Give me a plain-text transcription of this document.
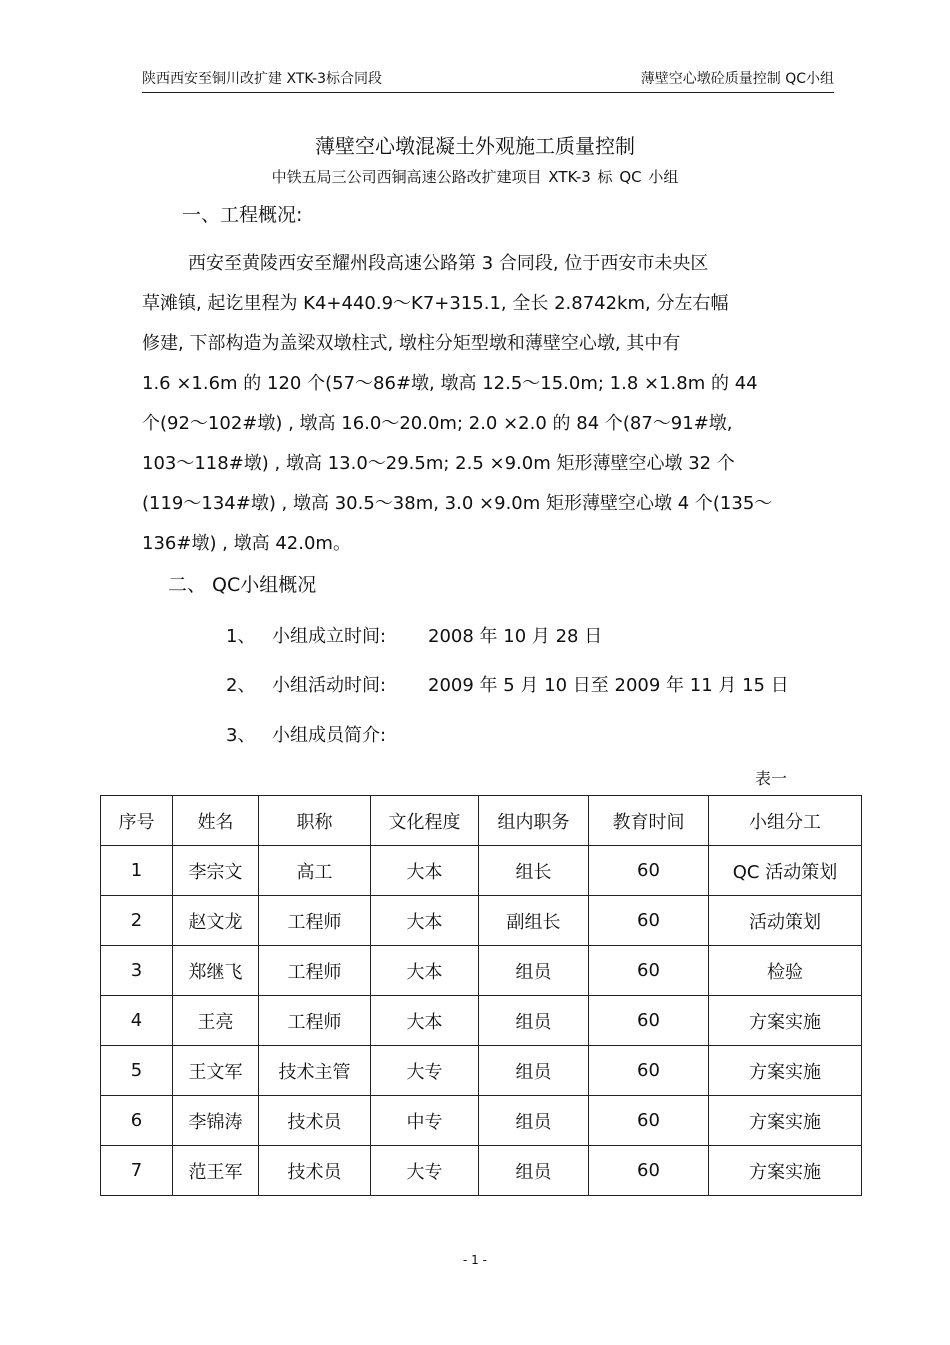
陕西西安至铜川改扩建 XTK-3标合同段	薄壁空心墩砼质量控制 QC小组
薄壁空心墩混凝土外观施工质量控制
中铁五局三公司西铜高速公路改扩建项目 XTK-3 标 QC 小组
一、工程概况:
西安至黄陵西安至耀州段高速公路第 3 合同段, 位于西安市未央区
草滩镇, 起讫里程为 K4+440.9～K7+315.1, 全长 2.8742km, 分左右幅
修建, 下部构造为盖梁双墩柱式, 墩柱分矩型墩和薄壁空心墩, 其中有
1.6 ×1.6m 的 120 个(57～86#墩, 墩高 12.5～15.0m; 1.8 ×1.8m 的 44
个(92～102#墩) , 墩高 16.0～20.0m; 2.0 ×2.0 的 84 个(87～91#墩,
103～118#墩) , 墩高 13.0～29.5m; 2.5 ×9.0m 矩形薄壁空心墩 32 个
(119～134#墩) , 墩高 30.5～38m, 3.0 ×9.0m 矩形薄壁空心墩 4 个(135～
136#墩) , 墩高 42.0m。
二、 QC小组概况
1、 小组成立时间: 2008 年 10 月 28 日
2、 小组活动时间: 2009 年 5 月 10 日至 2009 年 11 月 15 日
3、 小组成员简介:
表一
序号	姓名	职称	文化程度	组内职务	教育时间	小组分工
1	李宗文	高工	大本	组长	60	QC 活动策划
2	赵文龙	工程师	大本	副组长	60	活动策划
3	郑继飞	工程师	大本	组员	60	检验
4	王亮	工程师	大本	组员	60	方案实施
5	王文军	技术主管	大专	组员	60	方案实施
6	李锦涛	技术员	中专	组员	60	方案实施
7	范王军	技术员	大专	组员	60	方案实施
- 1 -
